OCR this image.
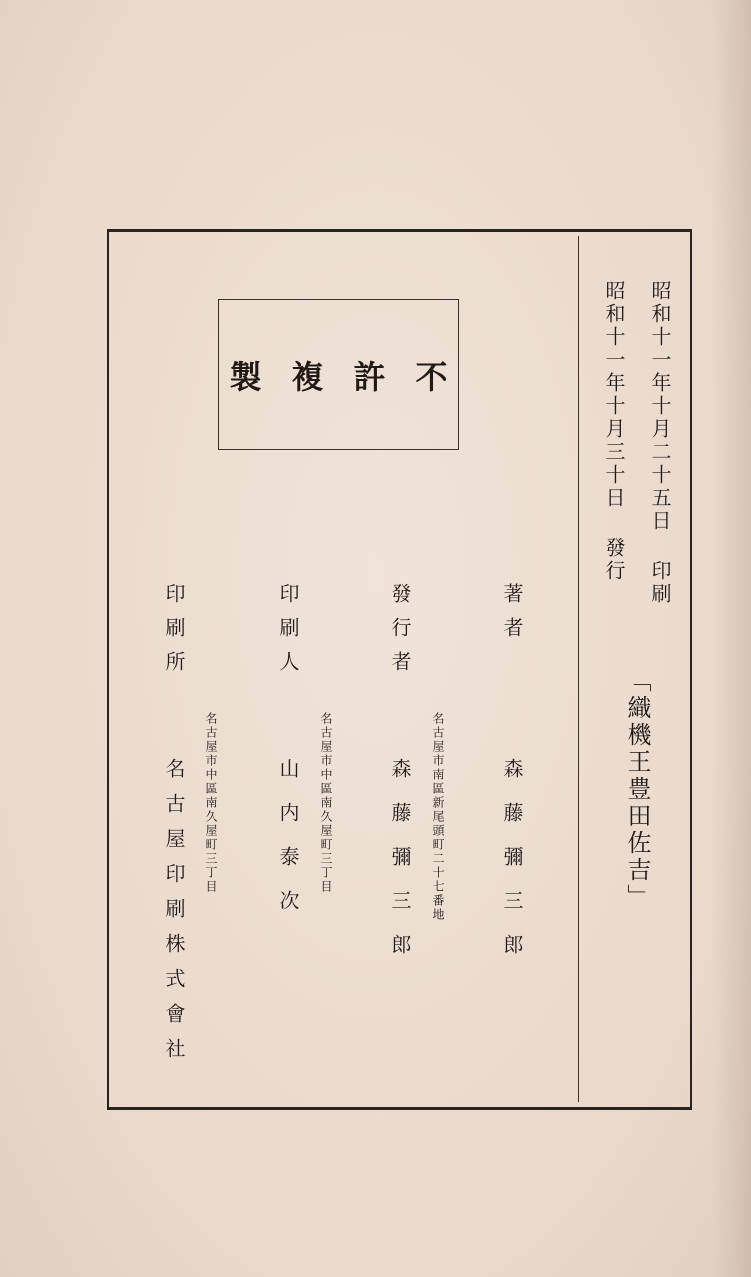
昭和十一年十月二十五日 印刷
昭和十一年十月三十日 發行
「織機王豊田佐吉」
不許複製
著者
森藤彌三郎
名古屋市南區新尾頭町二十七番地
發行者
森藤彌三郎
名古屋市中區南久屋町三丁目
印刷人
山内泰次
名古屋市中區南久屋町三丁目
印刷所
名古屋印刷株式會社
